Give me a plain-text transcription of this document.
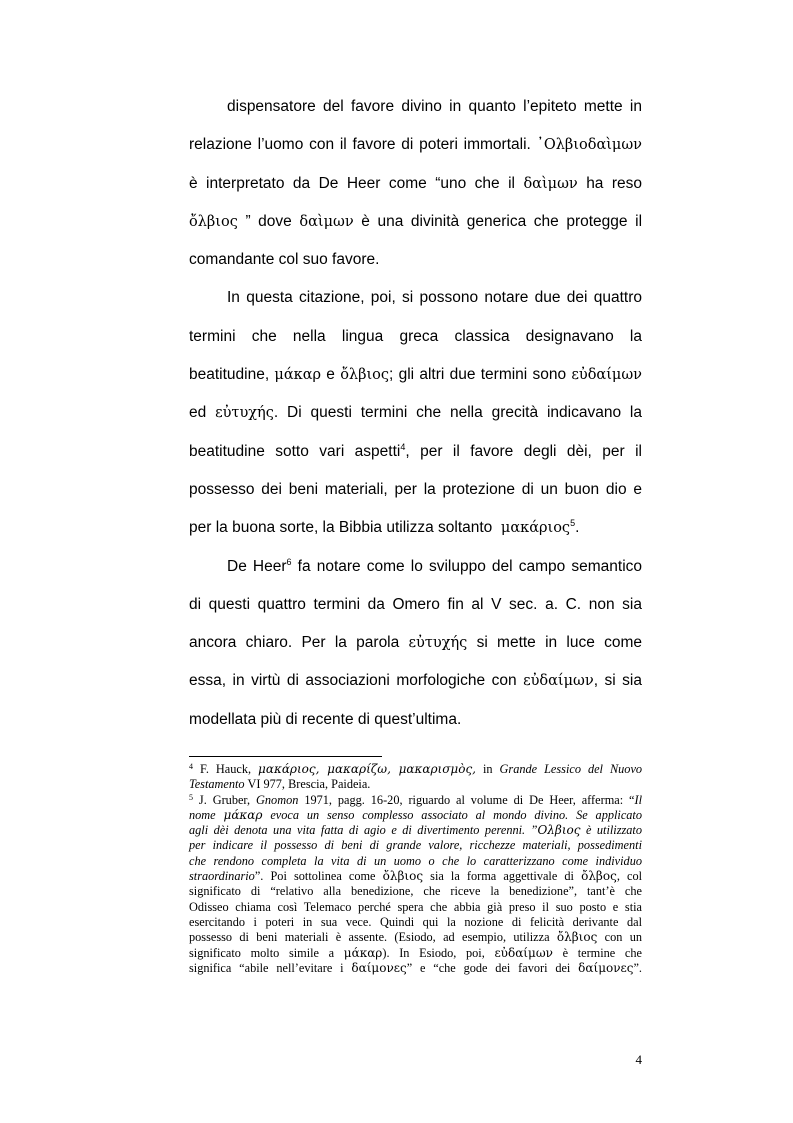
dispensatore del favore divino in quanto l’epiteto mette in
relazione l’uomo con il favore di poteri immortali. ᾿Ολβιοδαὶμων
è interpretato da De Heer come “uno che il δαὶμων ha reso
ὄλβιος ” dove δαὶμων è una divinità generica che protegge il
comandante col suo favore.
In questa citazione, poi, si possono notare due dei quattro
termini che nella lingua greca classica designavano la
beatitudine, μάκαρ e ὄλβιος; gli altri due termini sono εὐδαίμων
ed εὐτυχής. Di questi termini che nella grecità indicavano la
beatitudine sotto vari aspetti$^4$, per il favore degli dèi, per il
possesso dei beni materiali, per la protezione di un buon dio e
per la buona sorte, la Bibbia utilizza soltanto μακάριος$^5$.
De Heer$^6$ fa notare come lo sviluppo del campo semantico
di questi quattro termini da Omero fin al V sec. a. C. non sia
ancora chiaro. Per la parola εὐτυχής si mette in luce come
essa, in virtù di associazioni morfologiche con εὐδαίμων, si sia
modellata più di recente di quest’ultima.
$^4$ F. Hauck, μακάριος, μακαρίζω, μακαρισμὸς, in Grande Lessico del Nuovo
Testamento VI 977, Brescia, Paideia.
$^5$ J. Gruber, Gnomon 1971, pagg. 16-20, riguardo al volume di De Heer, afferma: “Il
nome μάκαρ evoca un senso complesso associato al mondo divino. Se applicato
agli dèi denota una vita fatta di agio e di divertimento perenni. ”Ολβιος è utilizzato
per indicare il possesso di beni di grande valore, ricchezze materiali, possedimenti
che rendono completa la vita di un uomo o che lo caratterizzano come individuo
straordinario”. Poi sottolinea come ὄλβιος sia la forma aggettivale di ὄλβος, col
significato di “relativo alla benedizione, che riceve la benedizione”, tant’è che
Odisseo chiama così Telemaco perché spera che abbia già preso il suo posto e stia
esercitando i poteri in sua vece. Quindi qui la nozione di felicità derivante dal
possesso di beni materiali è assente. (Esiodo, ad esempio, utilizza ὄλβιος con un
significato molto simile a μάκαρ). In Esiodo, poi, εὐδαίμων è termine che
significa “abile nell’evitare i δαίμονες” e “che gode dei favori dei δαίμονες”.
4
